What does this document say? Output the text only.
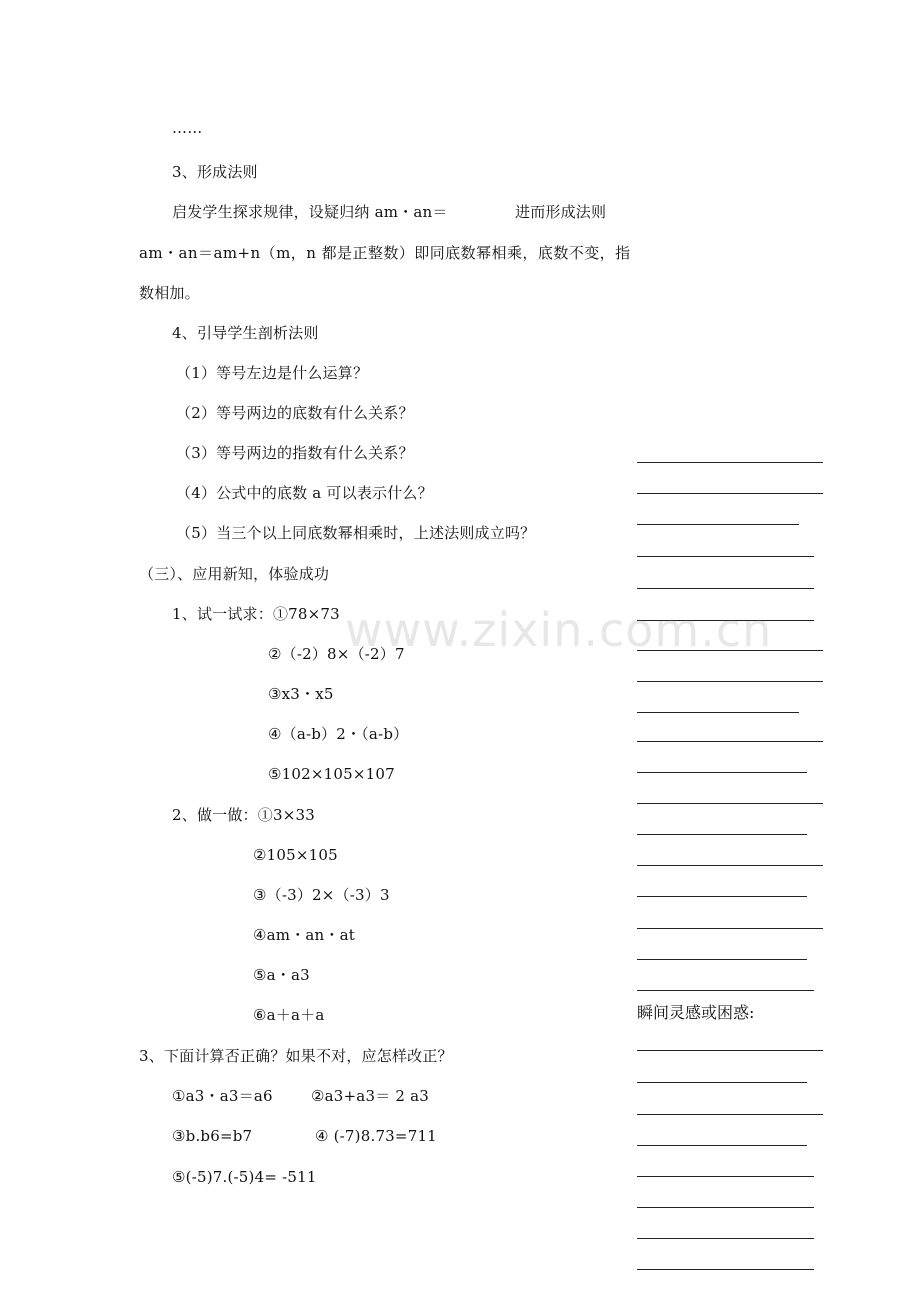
……
3、形成法则
启发学生探求规律，设疑归纳 am・an＝	进而形成法则
am・an＝am+n（m，n 都是正整数）即同底数幂相乘，底数不变，指
数相加。
4、引导学生剖析法则
（1）等号左边是什么运算？
（2）等号两边的底数有什么关系？
（3）等号两边的指数有什么关系？
（4）公式中的底数 a 可以表示什么？
（5）当三个以上同底数幂相乘时，上述法则成立吗？
（三）、应用新知，体验成功
1、试一试求：①78×73
②（-2）8×（-2）7
③x3・x5
④（a-b）2・（a-b）
⑤102×105×107
2、做一做：①3×33
②105×105
③（-3）2×（-3）3
④am・an・at
⑤a・a3
⑥a＋a＋a
3、下面计算否正确？如果不对，应怎样改正？
①a3・a3＝a6	②a3+a3＝ 2 a3
③b.b6=b7	④ (-7)8.73=711
⑤(-5)7.(-5)4= -511
瞬间灵感或困惑:
www.zixin.com.cn
